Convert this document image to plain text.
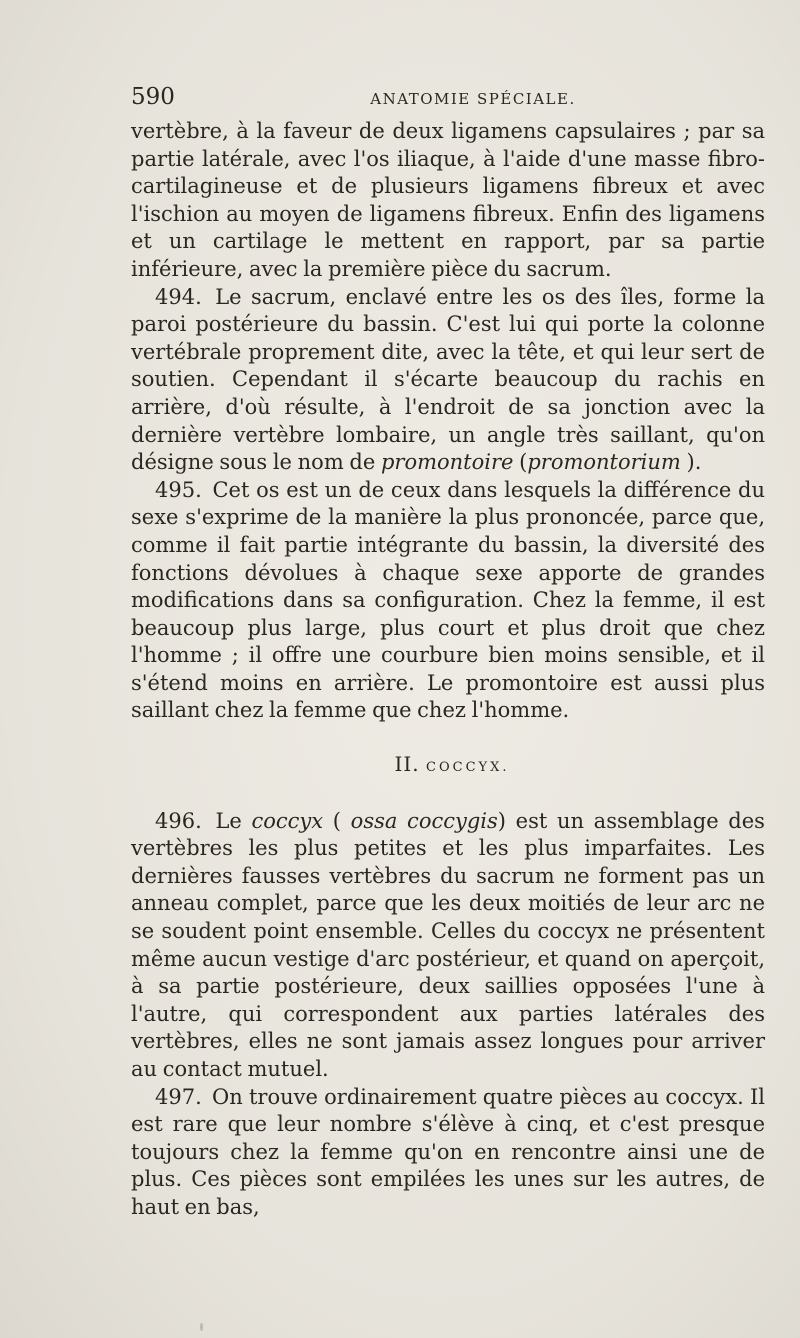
590	ANATOMIE SPÉCIALE.

vertèbre, à la faveur de deux ligamens capsulaires ; par sa partie latérale, avec l'os iliaque, à l'aide d'une masse fibro-cartilagineuse et de plusieurs ligamens fibreux et avec l'ischion au moyen de ligamens fibreux. Enfin des ligamens et un cartilage le mettent en rapport, par sa partie inférieure, avec la première pièce du sacrum.

494. Le sacrum, enclavé entre les os des îles, forme la paroi postérieure du bassin. C'est lui qui porte la colonne vertébrale proprement dite, avec la tête, et qui leur sert de soutien. Cependant il s'écarte beaucoup du rachis en arrière, d'où résulte, à l'endroit de sa jonction avec la dernière vertèbre lombaire, un angle très saillant, qu'on désigne sous le nom de promontoire (promontorium ).

495. Cet os est un de ceux dans lesquels la différence du sexe s'exprime de la manière la plus prononcée, parce que, comme il fait partie intégrante du bassin, la diversité des fonctions dévolues à chaque sexe apporte de grandes modifications dans sa configuration. Chez la femme, il est beaucoup plus large, plus court et plus droit que chez l'homme ; il offre une courbure bien moins sensible, et il s'étend moins en arrière. Le promontoire est aussi plus saillant chez la femme que chez l'homme.

II. COCCYX.

496. Le coccyx ( ossa coccygis) est un assemblage des vertèbres les plus petites et les plus imparfaites. Les dernières fausses vertèbres du sacrum ne forment pas un anneau complet, parce que les deux moitiés de leur arc ne se soudent point ensemble. Celles du coccyx ne présentent même aucun vestige d'arc postérieur, et quand on aperçoit, à sa partie postérieure, deux saillies opposées l'une à l'autre, qui correspondent aux parties latérales des vertèbres, elles ne sont jamais assez longues pour arriver au contact mutuel.

497. On trouve ordinairement quatre pièces au coccyx. Il est rare que leur nombre s'élève à cinq, et c'est presque toujours chez la femme qu'on en rencontre ainsi une de plus. Ces pièces sont empilées les unes sur les autres, de haut en bas,
